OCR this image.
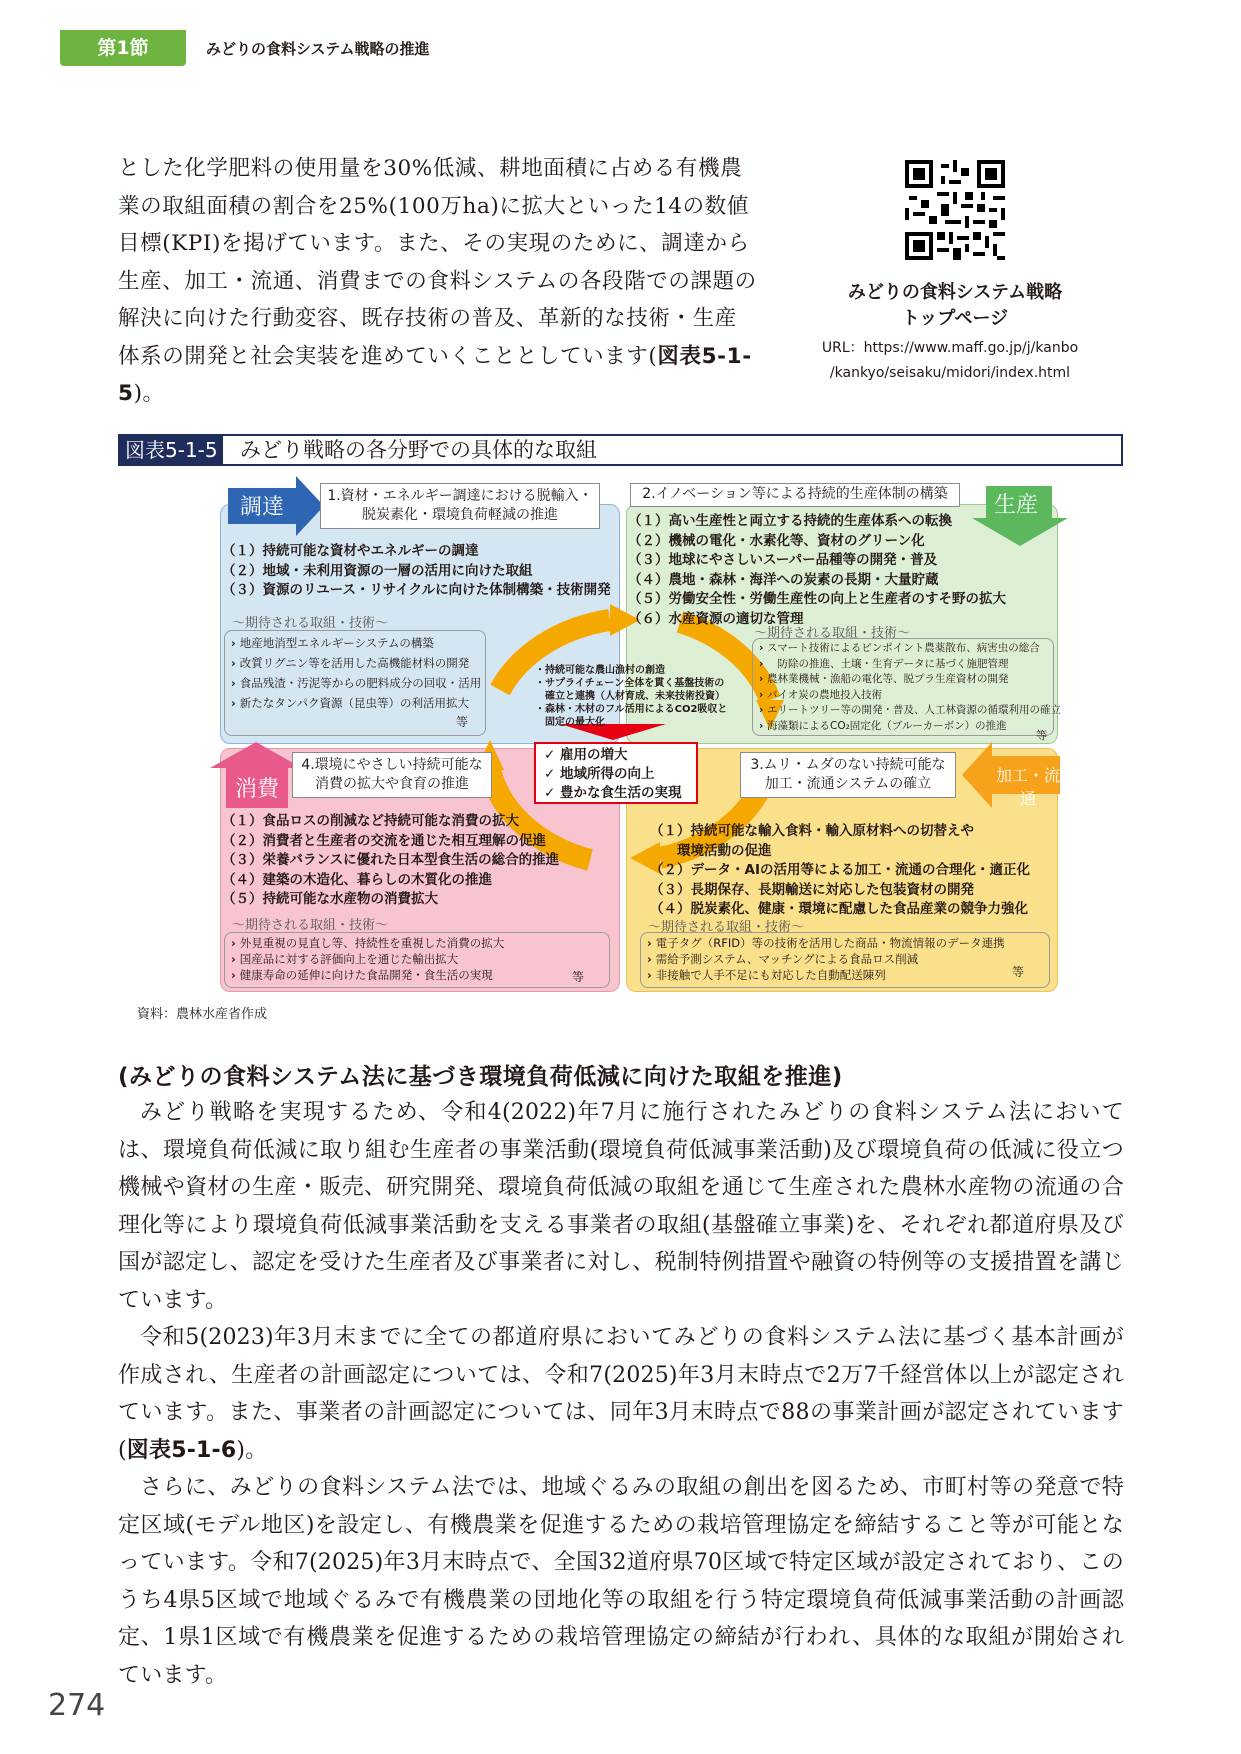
第1節	みどりの食料システム戦略の推進
とした化学肥料の使用量を30%低減、耕地面積に占める有機農業の取組面積の割合を25%(100万ha)に拡大といった14の数値目標(KPI)を掲げています。また、その実現のために、調達から生産、加工・流通、消費までの食料システムの各段階での課題の解決に向けた行動変容、既存技術の普及、革新的な技術・生産体系の開発と社会実装を進めていくこととしています(図表5-1-5)。
みどりの食料システム戦略
トップページ
URL：https://www.maff.go.jp/j/kanbo
/kankyo/seisaku/midori/index.html
図表5-1-5 みどり戦略の各分野での具体的な取組
調達	生産
消費
加工・流通
1.資材・エネルギー調達における脱輸入・
脱炭素化・環境負荷軽減の推進
（１）持続可能な資材やエネルギーの調達
（２）地域・未利用資源の一層の活用に向けた取組
（３）資源のリユース・リサイクルに向けた体制構築・技術開発
〜期待される取組・技術〜
› 地産地消型エネルギーシステムの構築
› 改質リグニン等を活用した高機能材料の開発
› 食品残渣・汚泥等からの肥料成分の回収・活用
› 新たなタンパク資源（昆虫等）の利活用拡大
等
2.イノベーション等による持続的生産体制の構築
（１）高い生産性と両立する持続的生産体系への転換
（２）機械の電化・水素化等、資材のグリーン化
（３）地球にやさしいスーパー品種等の開発・普及
（４）農地・森林・海洋への炭素の長期・大量貯蔵
（５）労働安全性・労働生産性の向上と生産者のすそ野の拡大
（６）水産資源の適切な管理
〜期待される取組・技術〜
› スマート技術によるピンポイント農薬散布、病害虫の総合
› 　防除の推進、土壌・生育データに基づく施肥管理
› 農林業機械・漁船の電化等、脱プラ生産資材の開発
› バイオ炭の農地投入技術
› エリートツリー等の開発・普及、人工林資源の循環利用の確立
› 海藻類によるCO₂固定化（ブルーカーボン）の推進
等
4.環境にやさしい持続可能な
消費の拡大や食育の推進
（１）食品ロスの削減など持続可能な消費の拡大
（２）消費者と生産者の交流を通じた相互理解の促進
（３）栄養バランスに優れた日本型食生活の総合的推進
（４）建築の木造化、暮らしの木質化の推進
（５）持続可能な水産物の消費拡大
〜期待される取組・技術〜
› 外見重視の見直し等、持続性を重視した消費の拡大
› 国産品に対する評価向上を通じた輸出拡大
› 健康寿命の延伸に向けた食品開発・食生活の実現	等
3.ムリ・ムダのない持続可能な
加工・流通システムの確立
（１）持続可能な輸入食料・輸入原材料への切替えや
　　環境活動の促進
（２）データ・AIの活用等による加工・流通の合理化・適正化
（３）長期保存、長期輸送に対応した包装資材の開発
（４）脱炭素化、健康・環境に配慮した食品産業の競争力強化
〜期待される取組・技術〜
› 電子タグ（RFID）等の技術を活用した商品・物流情報のデータ連携
› 需給予測システム、マッチングによる食品ロス削減
› 非接触で人手不足にも対応した自動配送陳列	等
・持続可能な農山漁村の創造
・サプライチェーン全体を貫く基盤技術の
　確立と連携（人材育成、未来技術投資）
・森林・木材のフル活用によるCO2吸収と
　固定の最大化
✓ 雇用の増大
✓ 地域所得の向上
✓ 豊かな食生活の実現
資料：農林水産省作成
(みどりの食料システム法に基づき環境負荷低減に向けた取組を推進)

みどり戦略を実現するため、令和4(2022)年7月に施行されたみどりの食料システム法においては、環境負荷低減に取り組む生産者の事業活動(環境負荷低減事業活動)及び環境負荷の低減に役立つ機械や資材の生産・販売、研究開発、環境負荷低減の取組を通じて生産された農林水産物の流通の合理化等により環境負荷低減事業活動を支える事業者の取組(基盤確立事業)を、それぞれ都道府県及び国が認定し、認定を受けた生産者及び事業者に対し、税制特例措置や融資の特例等の支援措置を講じています。

令和5(2023)年3月末までに全ての都道府県においてみどりの食料システム法に基づく基本計画が作成され、生産者の計画認定については、令和7(2025)年3月末時点で2万7千経営体以上が認定されています。また、事業者の計画認定については、同年3月末時点で88の事業計画が認定されています(図表5-1-6)。

さらに、みどりの食料システム法では、地域ぐるみの取組の創出を図るため、市町村等の発意で特定区域(モデル地区)を設定し、有機農業を促進するための栽培管理協定を締結すること等が可能となっています。令和7(2025)年3月末時点で、全国32道府県70区域で特定区域が設定されており、このうち4県5区域で地域ぐるみで有機農業の団地化等の取組を行う特定環境負荷低減事業活動の計画認定、1県1区域で有機農業を促進するための栽培管理協定の締結が行われ、具体的な取組が開始されています。

274
